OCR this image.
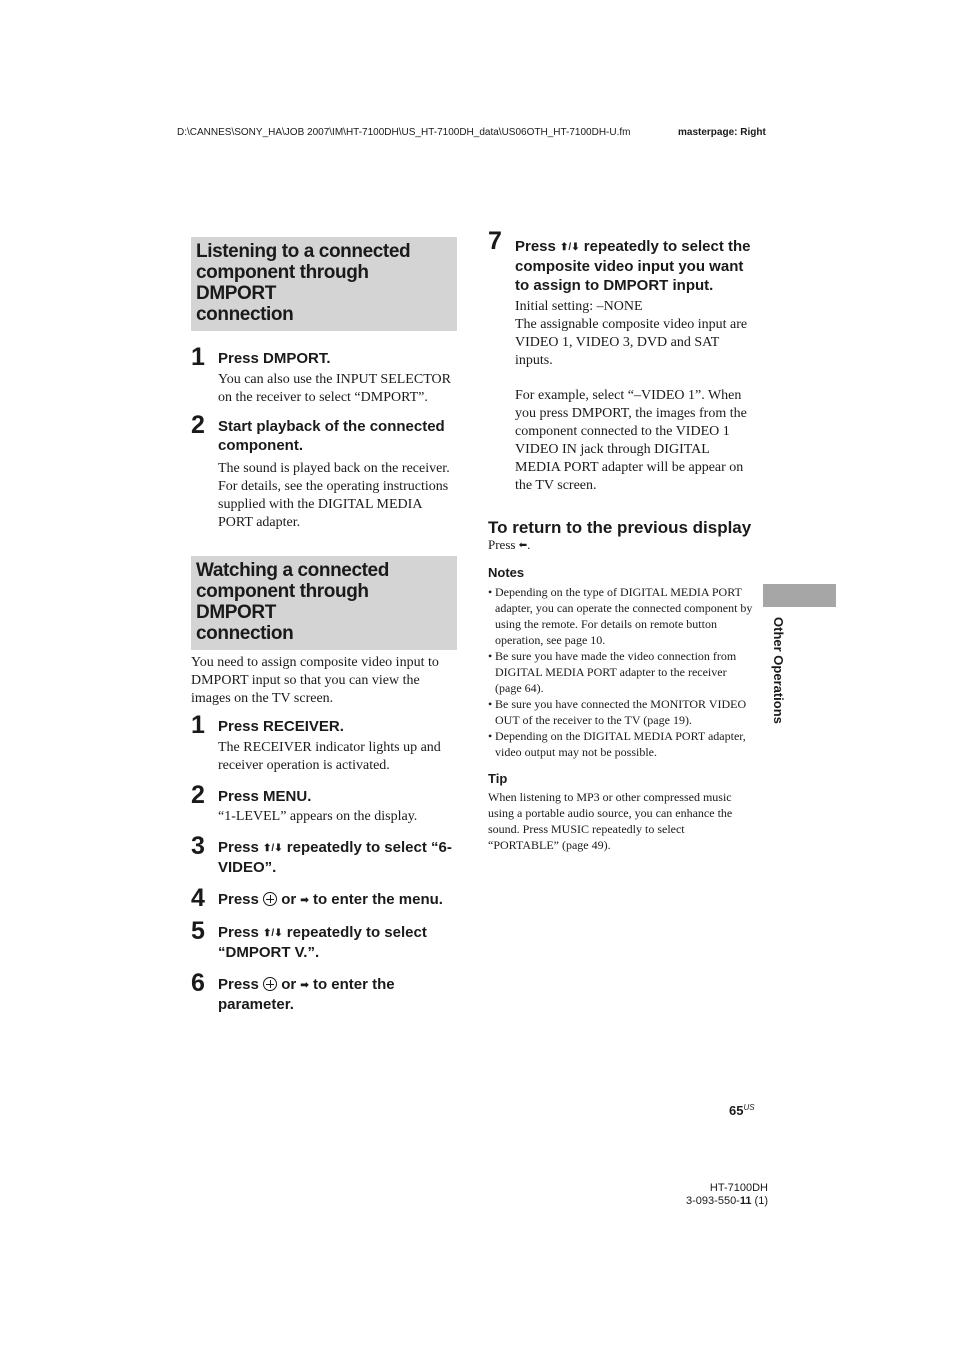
D:\CANNES\SONY_HA\JOB 2007\IM\HT-7100DH\US_HT-7100DH_data\US06OTH_HT-7100DH-U.fm	masterpage: Right
Listening to a connected
component through DMPORT
connection
1 Press DMPORT.
You can also use the INPUT SELECTOR on the receiver to select “DMPORT”.
2 Start playback of the connected component.
The sound is played back on the receiver. For details, see the operating instructions supplied with the DIGITAL MEDIA PORT adapter.
Watching a connected
component through DMPORT
connection
You need to assign composite video input to DMPORT input so that you can view the images on the TV screen.
1 Press RECEIVER.
The RECEIVER indicator lights up and receiver operation is activated.
2 Press MENU.
“1-LEVEL” appears on the display.
3 Press ⬆/⬇ repeatedly to select “6-VIDEO”.
4 Press  or ➡ to enter the menu.
5 Press ⬆/⬇ repeatedly to select “DMPORT V.”.
6 Press  or ➡ to enter the parameter.
7 Press ⬆/⬇ repeatedly to select the composite video input you want to assign to DMPORT input.
Initial setting: –NONE
The assignable composite video input are VIDEO 1, VIDEO 3, DVD and SAT inputs.
For example, select “–VIDEO 1”. When you press DMPORT, the images from the component connected to the VIDEO 1 VIDEO IN jack through DIGITAL MEDIA PORT adapter will be appear on the TV screen.
To return to the previous display
Press ⬅.
Notes
• Depending on the type of DIGITAL MEDIA PORT adapter, you can operate the connected component by using the remote. For details on remote button operation, see page 10.
• Be sure you have made the video connection from DIGITAL MEDIA PORT adapter to the receiver (page 64).
• Be sure you have connected the MONITOR VIDEO OUT of the receiver to the TV (page 19).
• Depending on the DIGITAL MEDIA PORT adapter, video output may not be possible.
Tip
When listening to MP3 or other compressed music using a portable audio source, you can enhance the sound. Press MUSIC repeatedly to select “PORTABLE” (page 49).
Other Operations
$65^{US}$
HT-7100DH
3-093-550-11 (1)
